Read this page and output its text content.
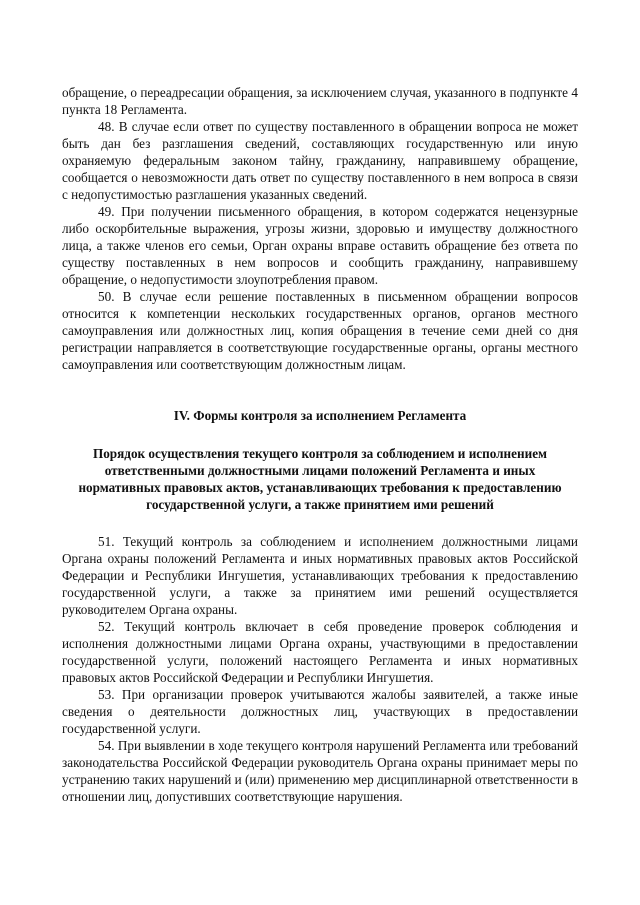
обращение, о переадресации обращения, за исключением случая, указанного в подпункте 4 пункта 18 Регламента.

48. В случае если ответ по существу поставленного в обращении вопроса не может быть дан без разглашения сведений, составляющих государственную или иную охраняемую федеральным законом тайну, гражданину, направившему обращение, сообщается о невозможности дать ответ по существу поставленного в нем вопроса в связи с недопустимостью разглашения указанных сведений.

49. При получении письменного обращения, в котором содержатся нецензурные либо оскорбительные выражения, угрозы жизни, здоровью и имуществу должностного лица, а также членов его семьи, Орган охраны вправе оставить обращение без ответа по существу поставленных в нем вопросов и сообщить гражданину, направившему обращение, о недопустимости злоупотребления правом.

50. В случае если решение поставленных в письменном обращении вопросов относится к компетенции нескольких государственных органов, органов местного самоуправления или должностных лиц, копия обращения в течение семи дней со дня регистрации направляется в соответствующие государственные органы, органы местного самоуправления или соответствующим должностным лицам.

IV. Формы контроля за исполнением Регламента
Порядок осуществления текущего контроля за соблюдением и исполнением ответственными должностными лицами положений Регламента и иных нормативных правовых актов, устанавливающих требования к предоставлению государственной услуги, а также принятием ими решений

51. Текущий контроль за соблюдением и исполнением должностными лицами Органа охраны положений Регламента и иных нормативных правовых актов Российской Федерации и Республики Ингушетия, устанавливающих требования к предоставлению государственной услуги, а также за принятием ими решений осуществляется руководителем Органа охраны.

52. Текущий контроль включает в себя проведение проверок соблюдения и исполнения должностными лицами Органа охраны, участвующими в предоставлении государственной услуги, положений настоящего Регламента и иных нормативных правовых актов Российской Федерации и Республики Ингушетия.

53. При организации проверок учитываются жалобы заявителей, а также иные сведения о деятельности должностных лиц, участвующих в предоставлении государственной услуги.

54. При выявлении в ходе текущего контроля нарушений Регламента или требований законодательства Российской Федерации руководитель Органа охраны принимает меры по устранению таких нарушений и (или) применению мер дисциплинарной ответственности в отношении лиц, допустивших соответствующие нарушения.
